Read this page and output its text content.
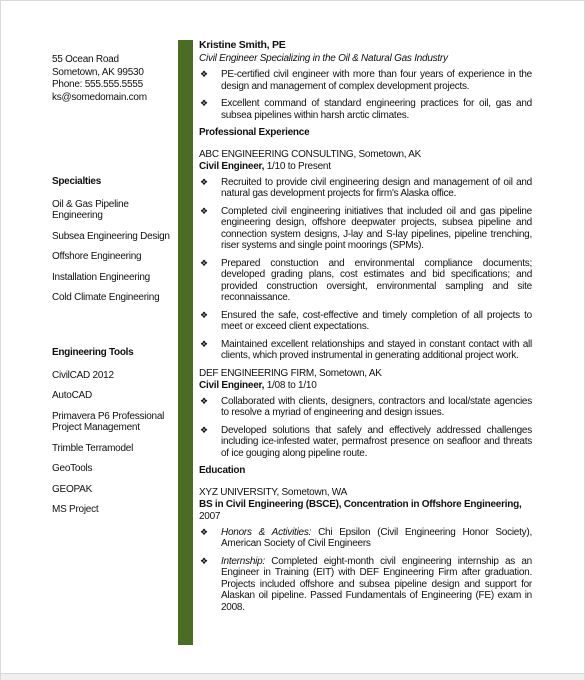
55 Ocean Road
Sometown, AK 99530
Phone: 555.555.5555
ks@somedomain.com
Specialties
Oil & Gas Pipeline Engineering
Subsea Engineering Design
Offshore Engineering
Installation Engineering
Cold Climate Engineering
Engineering Tools
CivilCAD 2012
AutoCAD
Primavera P6 Professional Project Management
Trimble Terramodel
GeoTools
GEOPAK
MS Project
Kristine Smith, PE
Civil Engineer Specializing in the Oil & Natural Gas Industry
❖ PE-certified civil engineer with more than four years of experience in the design and management of complex development projects.
❖ Excellent command of standard engineering practices for oil, gas and subsea pipelines within harsh arctic climates.
Professional Experience
ABC ENGINEERING CONSULTING, Sometown, AK
Civil Engineer, 1/10 to Present
❖ Recruited to provide civil engineering design and management of oil and natural gas development projects for firm's Alaska office.
❖ Completed civil engineering initiatives that included oil and gas pipeline engineering design, offshore deepwater projects, subsea pipeline and connection system designs, J-lay and S-lay pipelines, pipeline trenching, riser systems and single point moorings (SPMs).
❖ Prepared constuction and environmental compliance documents; developed grading plans, cost estimates and bid specifications; and provided construction oversight, environmental sampling and site reconnaissance.
❖ Ensured the safe, cost-effective and timely completion of all projects to meet or exceed client expectations.
❖ Maintained excellent relationships and stayed in constant contact with all clients, which proved instrumental in generating additional project work.
DEF ENGINEERING FIRM, Sometown, AK
Civil Engineer, 1/08 to 1/10
❖ Collaborated with clients, designers, contractors and local/state agencies to resolve a myriad of engineering and design issues.
❖ Developed solutions that safely and effectively addressed challenges including ice-infested water, permafrost presence on seafloor and threats of ice gouging along pipeline route.
Education
XYZ UNIVERSITY, Sometown, WA
BS in Civil Engineering (BSCE), Concentration in Offshore Engineering,
2007
❖ Honors & Activities: Chi Epsilon (Civil Engineering Honor Society), American Society of Civil Engineers
❖ Internship: Completed eight-month civil engineering internship as an Engineer in Training (EIT) with DEF Engineering Firm after graduation. Projects included offshore and subsea pipeline design and support for Alaskan oil pipeline. Passed Fundamentals of Engineering (FE) exam in 2008.
